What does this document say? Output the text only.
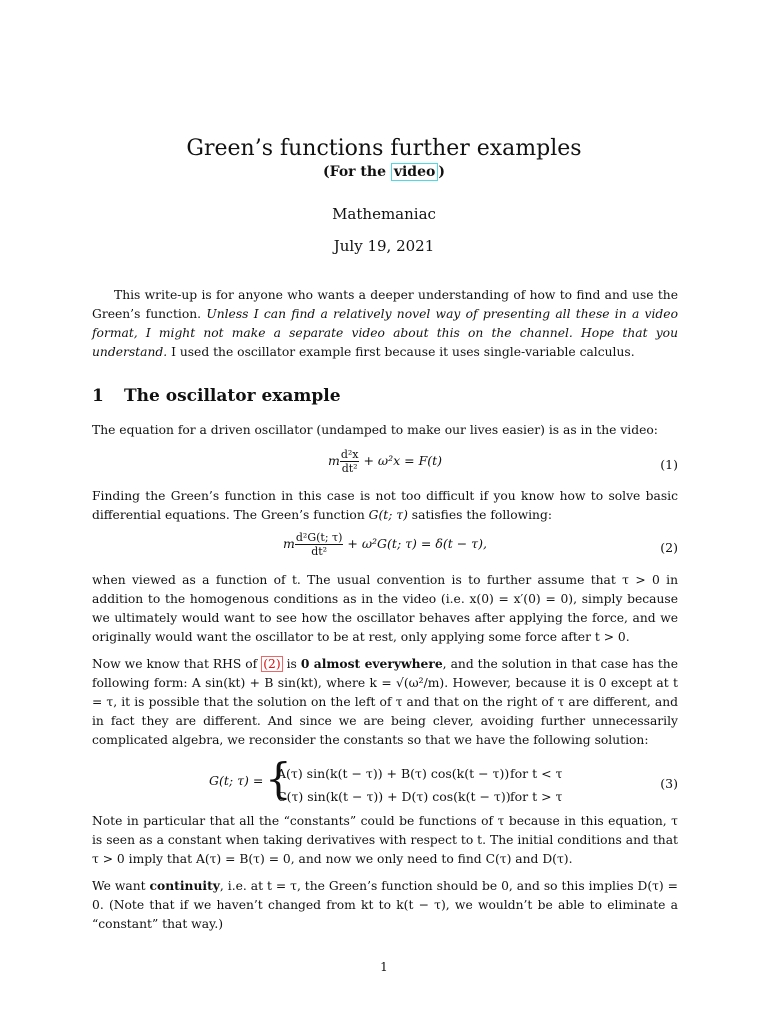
Green’s functions further examples
(For the video )
Mathemaniac
July 19, 2021

This write-up is for anyone who wants a deeper understanding of how to find and use the Green’s function. Unless I can find a relatively novel way of presenting all these in a video format, I might not make a separate video about this on the channel. Hope that you understand. I used the oscillator example first because it uses single-variable calculus.

1 The oscillator example

The equation for a driven oscillator (undamped to make our lives easier) is as in the video:

m $\frac{\text{d²x}}{\text{dt²}} + \omega^2x = F(t)$	(1)

Finding the Green’s function in this case is not too difficult if you know how to solve basic differential equations. The Green’s function G(t; τ) satisfies the following:

m $\frac{\text{d²G(t; τ)}}{\text{dt²}} + \omega^2G(t$; τ) = δ(t − τ),	(2)

when viewed as a function of t. The usual convention is to further assume that τ > 0 in addition to the homogenous conditions as in the video (i.e. x(0) = x′(0) = 0), simply because we ultimately would want to see how the oscillator behaves after applying the force, and we originally would want the oscillator to be at rest, only applying some force after t > 0.

Now we know that RHS of (2) is 0 almost everywhere, and the solution in that case has the following form: A sin(kt) + B sin(kt), where k = √(ω²/m). However, because it is 0 except at t = τ, it is possible that the solution on the left of τ and that on the right of τ are different, and in fact they are different. And since we are being clever, avoiding further unnecessarily complicated algebra, we reconsider the constants so that we have the following solution:

G(t; τ) = {
A(τ) sin(k(t − τ)) + B(τ) cos(k(t − τ)) for t < τ
C(τ) sin(k(t − τ)) + D(τ) cos(k(t − τ)) for t > τ
(3)

Note in particular that all the “constants” could be functions of τ because in this equation, τ is seen as a constant when taking derivatives with respect to t. The initial conditions and that τ > 0 imply that A(τ) = B(τ) = 0, and now we only need to find C(τ) and D(τ).

We want continuity, i.e. at t = τ, the Green’s function should be 0, and so this implies D(τ) = 0. (Note that if we haven’t changed from kt to k(t − τ), we wouldn’t be able to eliminate a “constant” that way.)

1
